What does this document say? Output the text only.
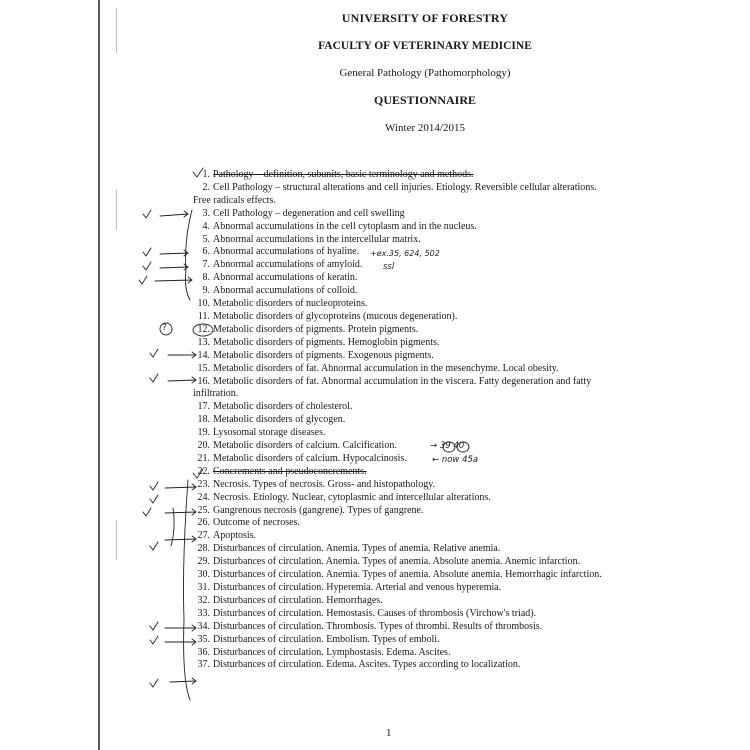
UNIVERSITY OF FORESTRY
FACULTY OF VETERINARY MEDICINE
General Pathology (Pathomorphology)
QUESTIONNAIRE
Winter 2014/2015
1. Pathology – definition, subunits, basic terminology and methods.
2. Cell Pathology – structural alterations and cell injuries. Etiology. Reversible cellular alterations. Free radicals effects.
3. Cell Pathology – degeneration and cell swelling
4. Abnormal accumulations in the cell cytoplasm and in the nucleus.
5. Abnormal accumulations in the intercellular matrix.
6. Abnormal accumulations of hyaline.
7. Abnormal accumulations of amyloid.
8. Abnormal accumulations of keratin.
9. Abnormal accumulations of colloid.
10. Metabolic disorders of nucleoproteins.
11. Metabolic disorders of glycoproteins (mucous degeneration).
12. Metabolic disorders of pigments. Protein pigments.
13. Metabolic disorders of pigments. Hemoglobin pigments.
14. Metabolic disorders of pigments. Exogenous pigments.
15. Metabolic disorders of fat. Abnormal accumulation in the mesenchyme. Local obesity.
16. Metabolic disorders of fat. Abnormal accumulation in the viscera. Fatty degeneration and fatty infiltration.
17. Metabolic disorders of cholesterol.
18. Metabolic disorders of glycogen.
19. Lysosomal storage diseases.
20. Metabolic disorders of calcium. Calcification.
21. Metabolic disorders of calcium. Hypocalcinosis.
22. Concrements and pseudoconcrements.
23. Necrosis. Types of necrosis. Gross- and histopathology.
24. Necrosis. Etiology. Nuclear, cytoplasmic and intercellular alterations.
25. Gangrenous necrosis (gangrene). Types of gangrene.
26. Outcome of necroses.
27. Apoptosis.
28. Disturbances of circulation. Anemia. Types of anemia. Relative anemia.
29. Disturbances of circulation. Anemia. Types of anemia. Absolute anemia. Anemic infarction.
30. Disturbances of circulation. Anemia. Types of anemia. Absolute anemia. Hemorrhagic infarction.
31. Disturbances of circulation. Hyperemia. Arterial and venous hyperemia.
32. Disturbances of circulation. Hemorrhages.
33. Disturbances of circulation. Hemostasis. Causes of thrombosis (Virchow's triad).
34. Disturbances of circulation. Thrombosis. Types of thrombi. Results of thrombosis.
35. Disturbances of circulation. Embolism. Types of emboli.
36. Disturbances of circulation. Lymphostasis. Edema. Ascites.
37. Disturbances of circulation. Edema. Ascites. Types according to localization.
+ex.35, 624, 502
ssl
?
→ 39 40
← now 45a
1
